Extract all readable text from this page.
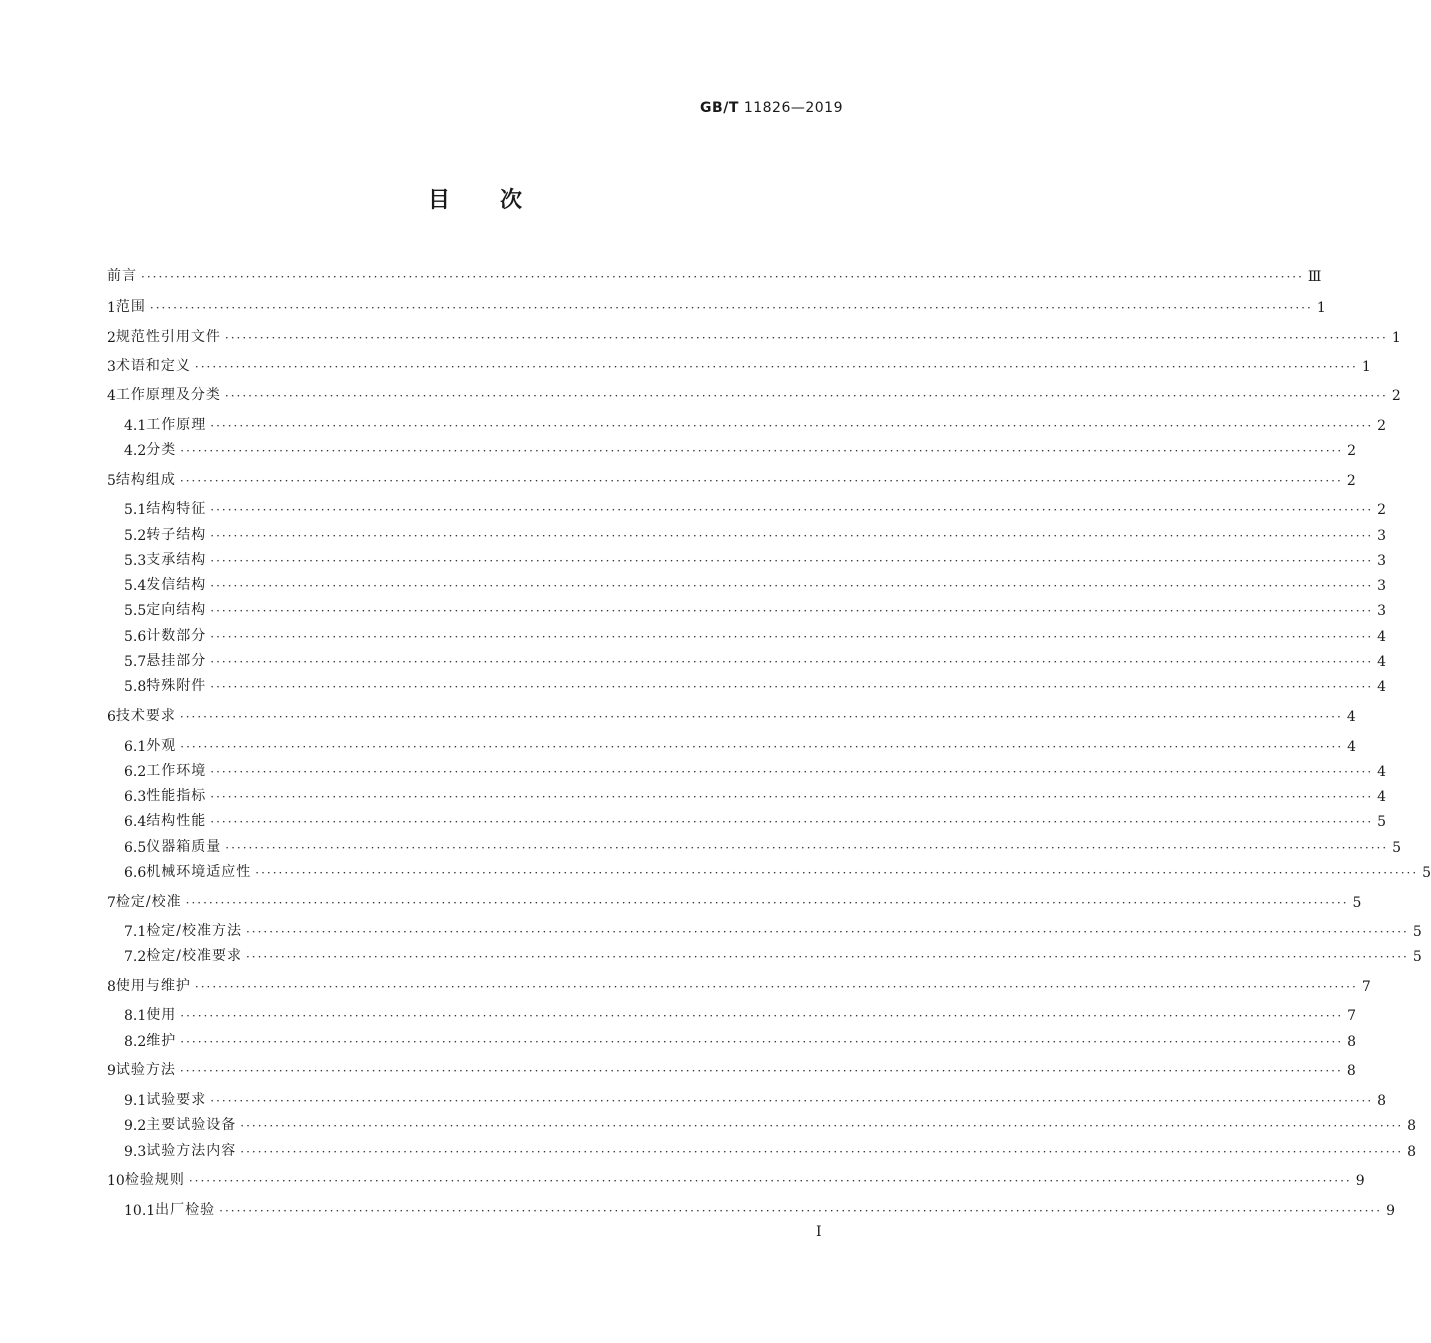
GB/T 11826—2019
目 次
前言 ········································································································································································································ Ⅲ
1 范围 ········································································································································································································ 1
2 规范性引用文件 ········································································································································································································ 1
3 术语和定义 ········································································································································································································ 1
4 工作原理及分类 ········································································································································································································ 2
4.1 工作原理 ········································································································································································································ 2
4.2 分类 ········································································································································································································ 2
5 结构组成 ········································································································································································································ 2
5.1 结构特征 ········································································································································································································ 2
5.2 转子结构 ········································································································································································································ 3
5.3 支承结构 ········································································································································································································ 3
5.4 发信结构 ········································································································································································································ 3
5.5 定向结构 ········································································································································································································ 3
5.6 计数部分 ········································································································································································································ 4
5.7 悬挂部分 ········································································································································································································ 4
5.8 特殊附件 ········································································································································································································ 4
6 技术要求 ········································································································································································································ 4
6.1 外观 ········································································································································································································ 4
6.2 工作环境 ········································································································································································································ 4
6.3 性能指标 ········································································································································································································ 4
6.4 结构性能 ········································································································································································································ 5
6.5 仪器箱质量 ········································································································································································································ 5
6.6 机械环境适应性 ········································································································································································································ 5
7 检定/校准 ········································································································································································································ 5
7.1 检定/校准方法 ········································································································································································································ 5
7.2 检定/校准要求 ········································································································································································································ 5
8 使用与维护 ········································································································································································································ 7
8.1 使用 ········································································································································································································ 7
8.2 维护 ········································································································································································································ 8
9 试验方法 ········································································································································································································ 8
9.1 试验要求 ········································································································································································································ 8
9.2 主要试验设备 ········································································································································································································ 8
9.3 试验方法内容 ········································································································································································································ 8
10 检验规则 ········································································································································································································ 9
10.1 出厂检验 ········································································································································································································ 9
Ⅰ
